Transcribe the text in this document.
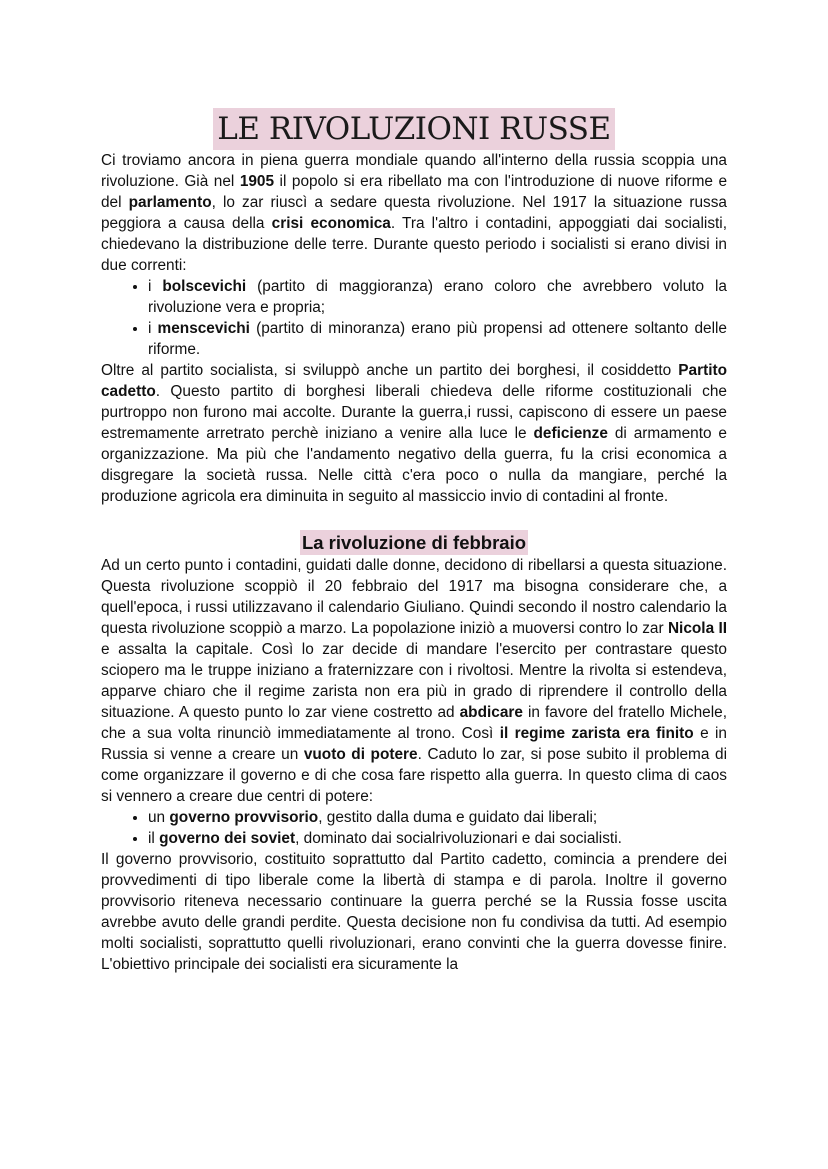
LE RIVOLUZIONI RUSSE

Ci troviamo ancora in piena guerra mondiale quando all'interno della russia scoppia una rivoluzione. Già nel 1905 il popolo si era ribellato ma con l'introduzione di nuove riforme e del parlamento, lo zar riuscì a sedare questa rivoluzione. Nel 1917 la situazione russa peggiora a causa della crisi economica. Tra l'altro i contadini, appoggiati dai socialisti, chiedevano la distribuzione delle terre. Durante questo periodo i socialisti si erano divisi in due correnti:

• i bolscevichi (partito di maggioranza) erano coloro che avrebbero voluto la rivoluzione vera e propria;
• i menscevichi (partito di minoranza) erano più propensi ad ottenere soltanto delle riforme.

Oltre al partito socialista, si sviluppò anche un partito dei borghesi, il cosiddetto Partito cadetto. Questo partito di borghesi liberali chiedeva delle riforme costituzionali che purtroppo non furono mai accolte. Durante la guerra,i russi, capiscono di essere un paese estremamente arretrato perchè iniziano a venire alla luce le deficienze di armamento e organizzazione. Ma più che l'andamento negativo della guerra, fu la crisi economica a disgregare la società russa. Nelle città c'era poco o nulla da mangiare, perché la produzione agricola era diminuita in seguito al massiccio invio di contadini al fronte.

La rivoluzione di febbraio

Ad un certo punto i contadini, guidati dalle donne, decidono di ribellarsi a questa situazione. Questa rivoluzione scoppiò il 20 febbraio del 1917 ma bisogna considerare che, a quell'epoca, i russi utilizzavano il calendario Giuliano. Quindi secondo il nostro calendario la questa rivoluzione scoppiò a marzo. La popolazione iniziò a muoversi contro lo zar Nicola II e assalta la capitale. Così lo zar decide di mandare l'esercito per contrastare questo sciopero ma le truppe iniziano a fraternizzare con i rivoltosi. Mentre la rivolta si estendeva, apparve chiaro che il regime zarista non era più in grado di riprendere il controllo della situazione. A questo punto lo zar viene costretto ad abdicare in favore del fratello Michele, che a sua volta rinunciò immediatamente al trono. Così il regime zarista era finito e in Russia si venne a creare un vuoto di potere. Caduto lo zar, si pose subito il problema di come organizzare il governo e di che cosa fare rispetto alla guerra. In questo clima di caos si vennero a creare due centri di potere:

• un governo provvisorio, gestito dalla duma e guidato dai liberali;
• il governo dei soviet, dominato dai socialrivoluzionari e dai socialisti.

Il governo provvisorio, costituito soprattutto dal Partito cadetto, comincia a prendere dei provvedimenti di tipo liberale come la libertà di stampa e di parola. Inoltre il governo provvisorio riteneva necessario continuare la guerra perché se la Russia fosse uscita avrebbe avuto delle grandi perdite. Questa decisione non fu condivisa da tutti. Ad esempio molti socialisti, soprattutto quelli rivoluzionari, erano convinti che la guerra dovesse finire. L'obiettivo principale dei socialisti era sicuramente la
